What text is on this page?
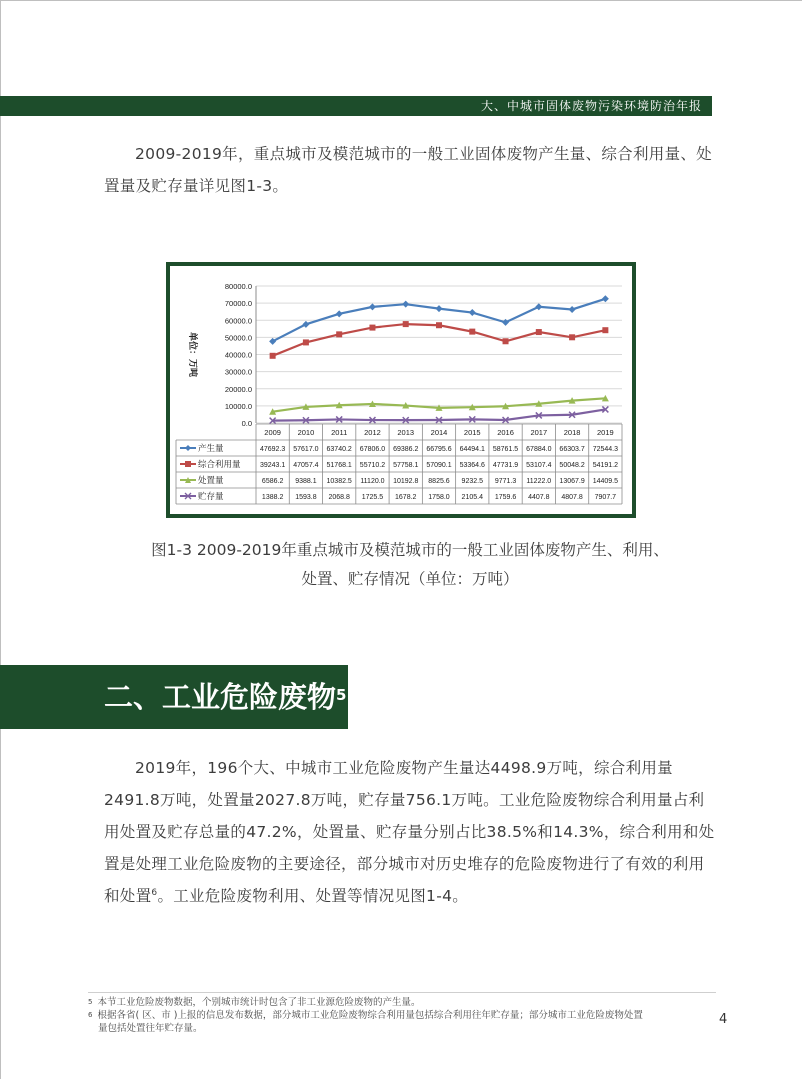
大、中城市固体废物污染环境防治年报

2009-2019年，重点城市及模范城市的一般工业固体废物产生量、综合利用量、处置量及贮存量详见图1-3。

80000.0
70000.0
60000.0
50000.0
40000.0
30000.0
20000.0
10000.0
0.0
单位：万吨
2009 2010 2011 2012 2013 2014 2015 2016 2017 2018 2019
产生量	47692.3 57617.0 63740.2 67806.0 69386.2 66795.6 64494.1 58761.5 67884.0 66303.7 72544.3
综合利用量	39243.1 47057.4 51768.1 55710.2 57758.1 57090.1 53364.6 47731.9 53107.4 50048.2 54191.2
处置量	6586.2 9388.1 10382.5 11120.0 10192.8 8825.6 9232.5 9771.3 11222.0 13067.9 14409.5
贮存量	1388.2 1593.8 2068.8 1725.5 1678.2 1758.0 2105.4 1759.6 4407.8 4807.8 7907.7
图1-3 2009-2019年重点城市及模范城市的一般工业固体废物产生、利用、
处置、贮存情况（单位：万吨）
二、工业危险废物$^5$

2019年，196个大、中城市工业危险废物产生量达4498.9万吨，综合利用量2491.8万吨，处置量2027.8万吨，贮存量756.1万吨。工业危险废物综合利用量占利用处置及贮存总量的47.2%，处置量、贮存量分别占比38.5%和14.3%，综合利用和处置是处理工业危险废物的主要途径，部分城市对历史堆存的危险废物进行了有效的利用和处置$^6$。工业危险废物利用、处置等情况见图1-4。

$^5$ 本节工业危险废物数据，个别城市统计时包含了非工业源危险废物的产生量。
$^6$ 根据各省( 区、市 )上报的信息发布数据，部分城市工业危险废物综合利用量包括综合利用往年贮存量；部分城市工业危险废物处置
量包括处置往年贮存量。
4
